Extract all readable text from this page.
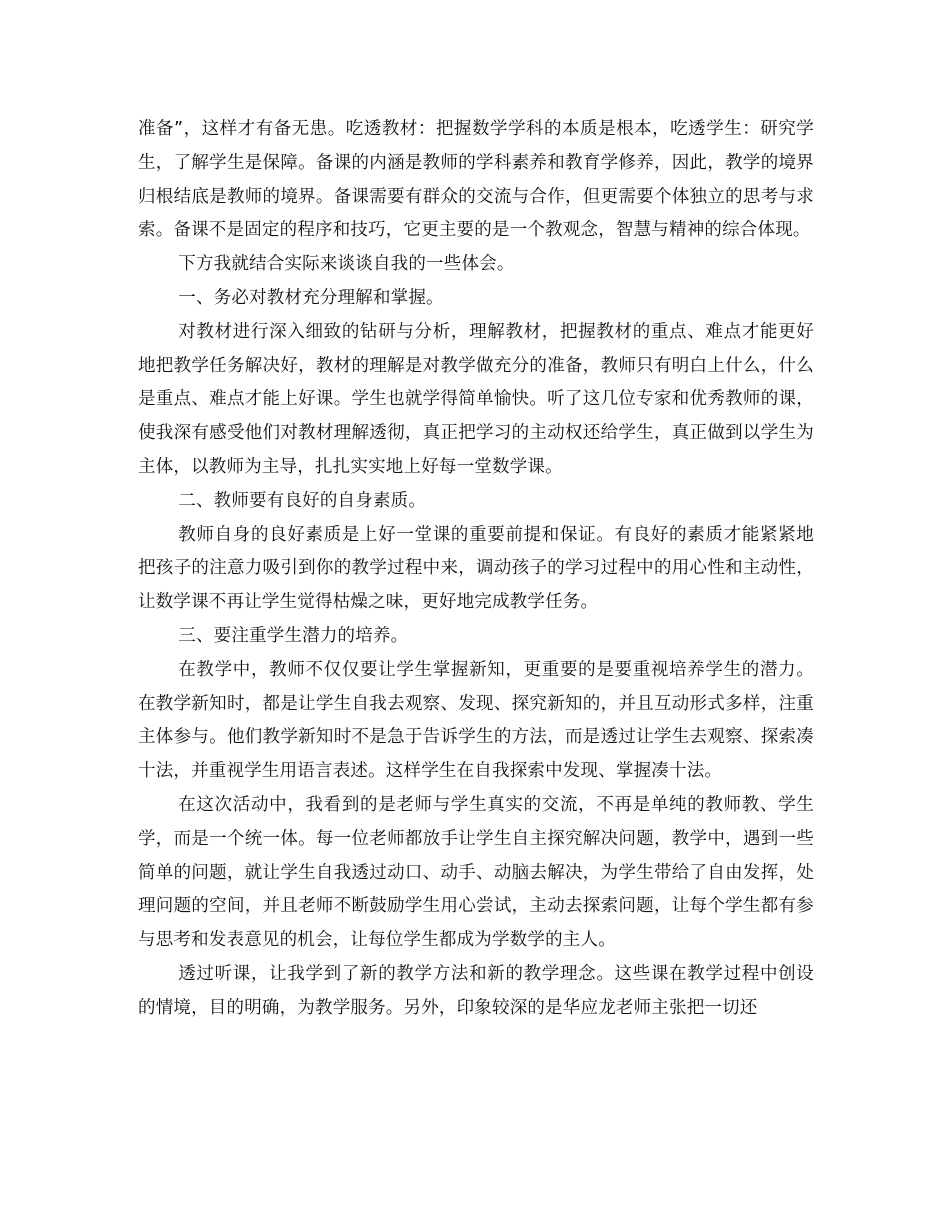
准备”，这样才有备无患。吃透教材：把握数学学科的本质是根本，吃透学生：研究学生，了解学生是保障。备课的内涵是教师的学科素养和教育学修养，因此，教学的境界归根结底是教师的境界。备课需要有群众的交流与合作，但更需要个体独立的思考与求索。备课不是固定的程序和技巧，它更主要的是一个教观念，智慧与精神的综合体现。

下方我就结合实际来谈谈自我的一些体会。

一、务必对教材充分理解和掌握。

对教材进行深入细致的钻研与分析，理解教材，把握教材的重点、难点才能更好地把教学任务解决好，教材的理解是对教学做充分的准备，教师只有明白上什么，什么是重点、难点才能上好课。学生也就学得简单愉快。听了这几位专家和优秀教师的课，使我深有感受他们对教材理解透彻，真正把学习的主动权还给学生，真正做到以学生为主体，以教师为主导，扎扎实实地上好每一堂数学课。

二、教师要有良好的自身素质。

教师自身的良好素质是上好一堂课的重要前提和保证。有良好的素质才能紧紧地把孩子的注意力吸引到你的教学过程中来，调动孩子的学习过程中的用心性和主动性，让数学课不再让学生觉得枯燥之味，更好地完成教学任务。

三、要注重学生潜力的培养。

在教学中，教师不仅仅要让学生掌握新知，更重要的是要重视培养学生的潜力。在教学新知时，都是让学生自我去观察、发现、探究新知的，并且互动形式多样，注重主体参与。他们教学新知时不是急于告诉学生的方法，而是透过让学生去观察、探索凑十法，并重视学生用语言表述。这样学生在自我探索中发现、掌握凑十法。

在这次活动中，我看到的是老师与学生真实的交流，不再是单纯的教师教、学生学，而是一个统一体。每一位老师都放手让学生自主探究解决问题，教学中，遇到一些简单的问题，就让学生自我透过动口、动手、动脑去解决，为学生带给了自由发挥，处理问题的空间，并且老师不断鼓励学生用心尝试，主动去探索问题，让每个学生都有参与思考和发表意见的机会，让每位学生都成为学数学的主人。

透过听课，让我学到了新的教学方法和新的教学理念。这些课在教学过程中创设的情境，目的明确，为教学服务。另外，印象较深的是华应龙老师主张把一切还
